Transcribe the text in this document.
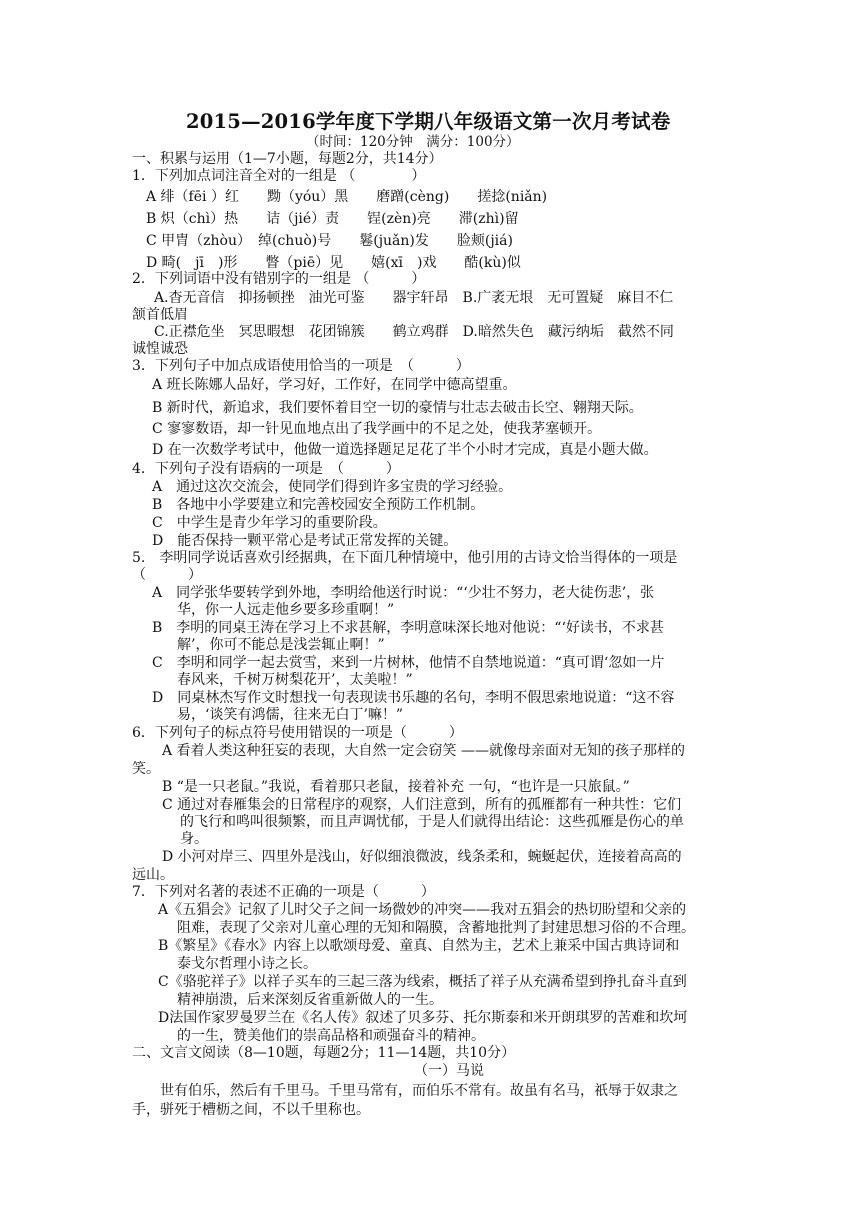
2015—2016学年度下学期八年级语文第一次月考试卷
（时间：120分钟　满分：100分）
一、积累与运用（1—7小题，每题2分，共14分）
1．下列加点词注音全对的一组是 （　　　　）
A 绯（fēi ）红　　黝（yóu）黑　　磨蹭(cèng)　　搓捻(niǎn)
B 炽（chì）热　　诘（jié）责　　锃(zèn)亮　　滞(zhì)留
C 甲胄（zhòu）　绰(chuò)号　　鬈(juǎn)发　　脸颊(jiá)
D 畸(　jī　)形　　瞥（piē）见　　嬉(xī　)戏　　酷(kù)似
2．下列词语中没有错别字的一组是 （　　　）
A.杳无音信　抑扬顿挫　油光可鉴　　器宇轩昂　B.广袤无垠　无可置疑　麻目不仁
颔首低眉
C.正襟危坐　冥思暇想　花团锦簇　　鹤立鸡群　D.暗然失色　藏污纳垢　截然不同
诚惶诚恐
3．下列句子中加点成语使用恰当的一项是　（　　　）
A 班长陈娜人品好，学习好，工作好，在同学中德高望重。
B 新时代，新追求，我们要怀着目空一切的豪情与壮志去破击长空、翱翔天际。
C 寥寥数语，却一针见血地点出了我学画中的不足之处，使我茅塞顿开。
D 在一次数学考试中，他做一道选择题足足花了半个小时才完成，真是小题大做。
4．下列句子没有语病的一项是　（　　　）
A　通过这次交流会，使同学们得到许多宝贵的学习经验。
B　各地中小学要建立和完善校园安全预防工作机制。
C　中学生是青少年学习的重要阶段。
D　能否保持一颗平常心是考试正常发挥的关键。
5.　李明同学说话喜欢引经据典，在下面几种情境中，他引用的古诗文恰当得体的一项是
（　　　）
A　同学张华要转学到外地，李明给他送行时说：“‘少壮不努力，老大徒伤悲’，张
华，你一人远走他乡要多珍重啊！”
B　李明的同桌王涛在学习上不求甚解，李明意味深长地对他说：“‘好读书，不求甚
解’，你可不能总是浅尝辄止啊！”
C　李明和同学一起去赏雪，来到一片树林，他情不自禁地说道：“真可谓‘忽如一片
春风来，千树万树梨花开’，太美啦！”
D　同桌林杰写作文时想找一句表现读书乐趣的名句，李明不假思索地说道：“这不容
易，‘谈笑有鸿儒，往来无白丁’嘛！”
6．下列句子的标点符号使用错误的一项是（　　　）
A 看着人类这种狂妄的表现，大自然一定会窃笑 ——就像母亲面对无知的孩子那样的
笑。
B “是一只老鼠。”我说，看着那只老鼠，接着补充 一句，“也许是一只旅鼠。”
C 通过对春雁集会的日常程序的观察，人们注意到，所有的孤雁都有一种共性：它们
的飞行和鸣叫很频繁，而且声调忧郁，于是人们就得出结论：这些孤雁是伤心的单
身。
D 小河对岸三、四里外是浅山，好似细浪微波，线条柔和，蜿蜒起伏，连接着高高的
远山。
7．下列对名著的表述不正确的一项是（　　　）
A《五猖会》记叙了儿时父子之间一场微妙的冲突——我对五猖会的热切盼望和父亲的
阻难，表现了父亲对儿童心理的无知和隔膜，含蓄地批判了封建思想习俗的不合理。
B《繁星》《春水》内容上以歌颂母爱、童真、自然为主，艺术上兼采中国古典诗词和
泰戈尔哲理小诗之长。
C《骆驼祥子》以祥子买车的三起三落为线索，概括了祥子从充满希望到挣扎奋斗直到
精神崩溃，后来深刻反省重新做人的一生。
D法国作家罗曼罗兰在《名人传》叙述了贝多芬、托尔斯泰和米开朗琪罗的苦难和坎坷
的一生，赞美他们的崇高品格和顽强奋斗的精神。
二、文言文阅读（8—10题，每题2分；11—14题，共10分）
（一）马说
世有伯乐，然后有千里马。千里马常有，而伯乐不常有。故虽有名马，祇辱于奴隶之
手，骈死于槽枥之间，不以千里称也。
